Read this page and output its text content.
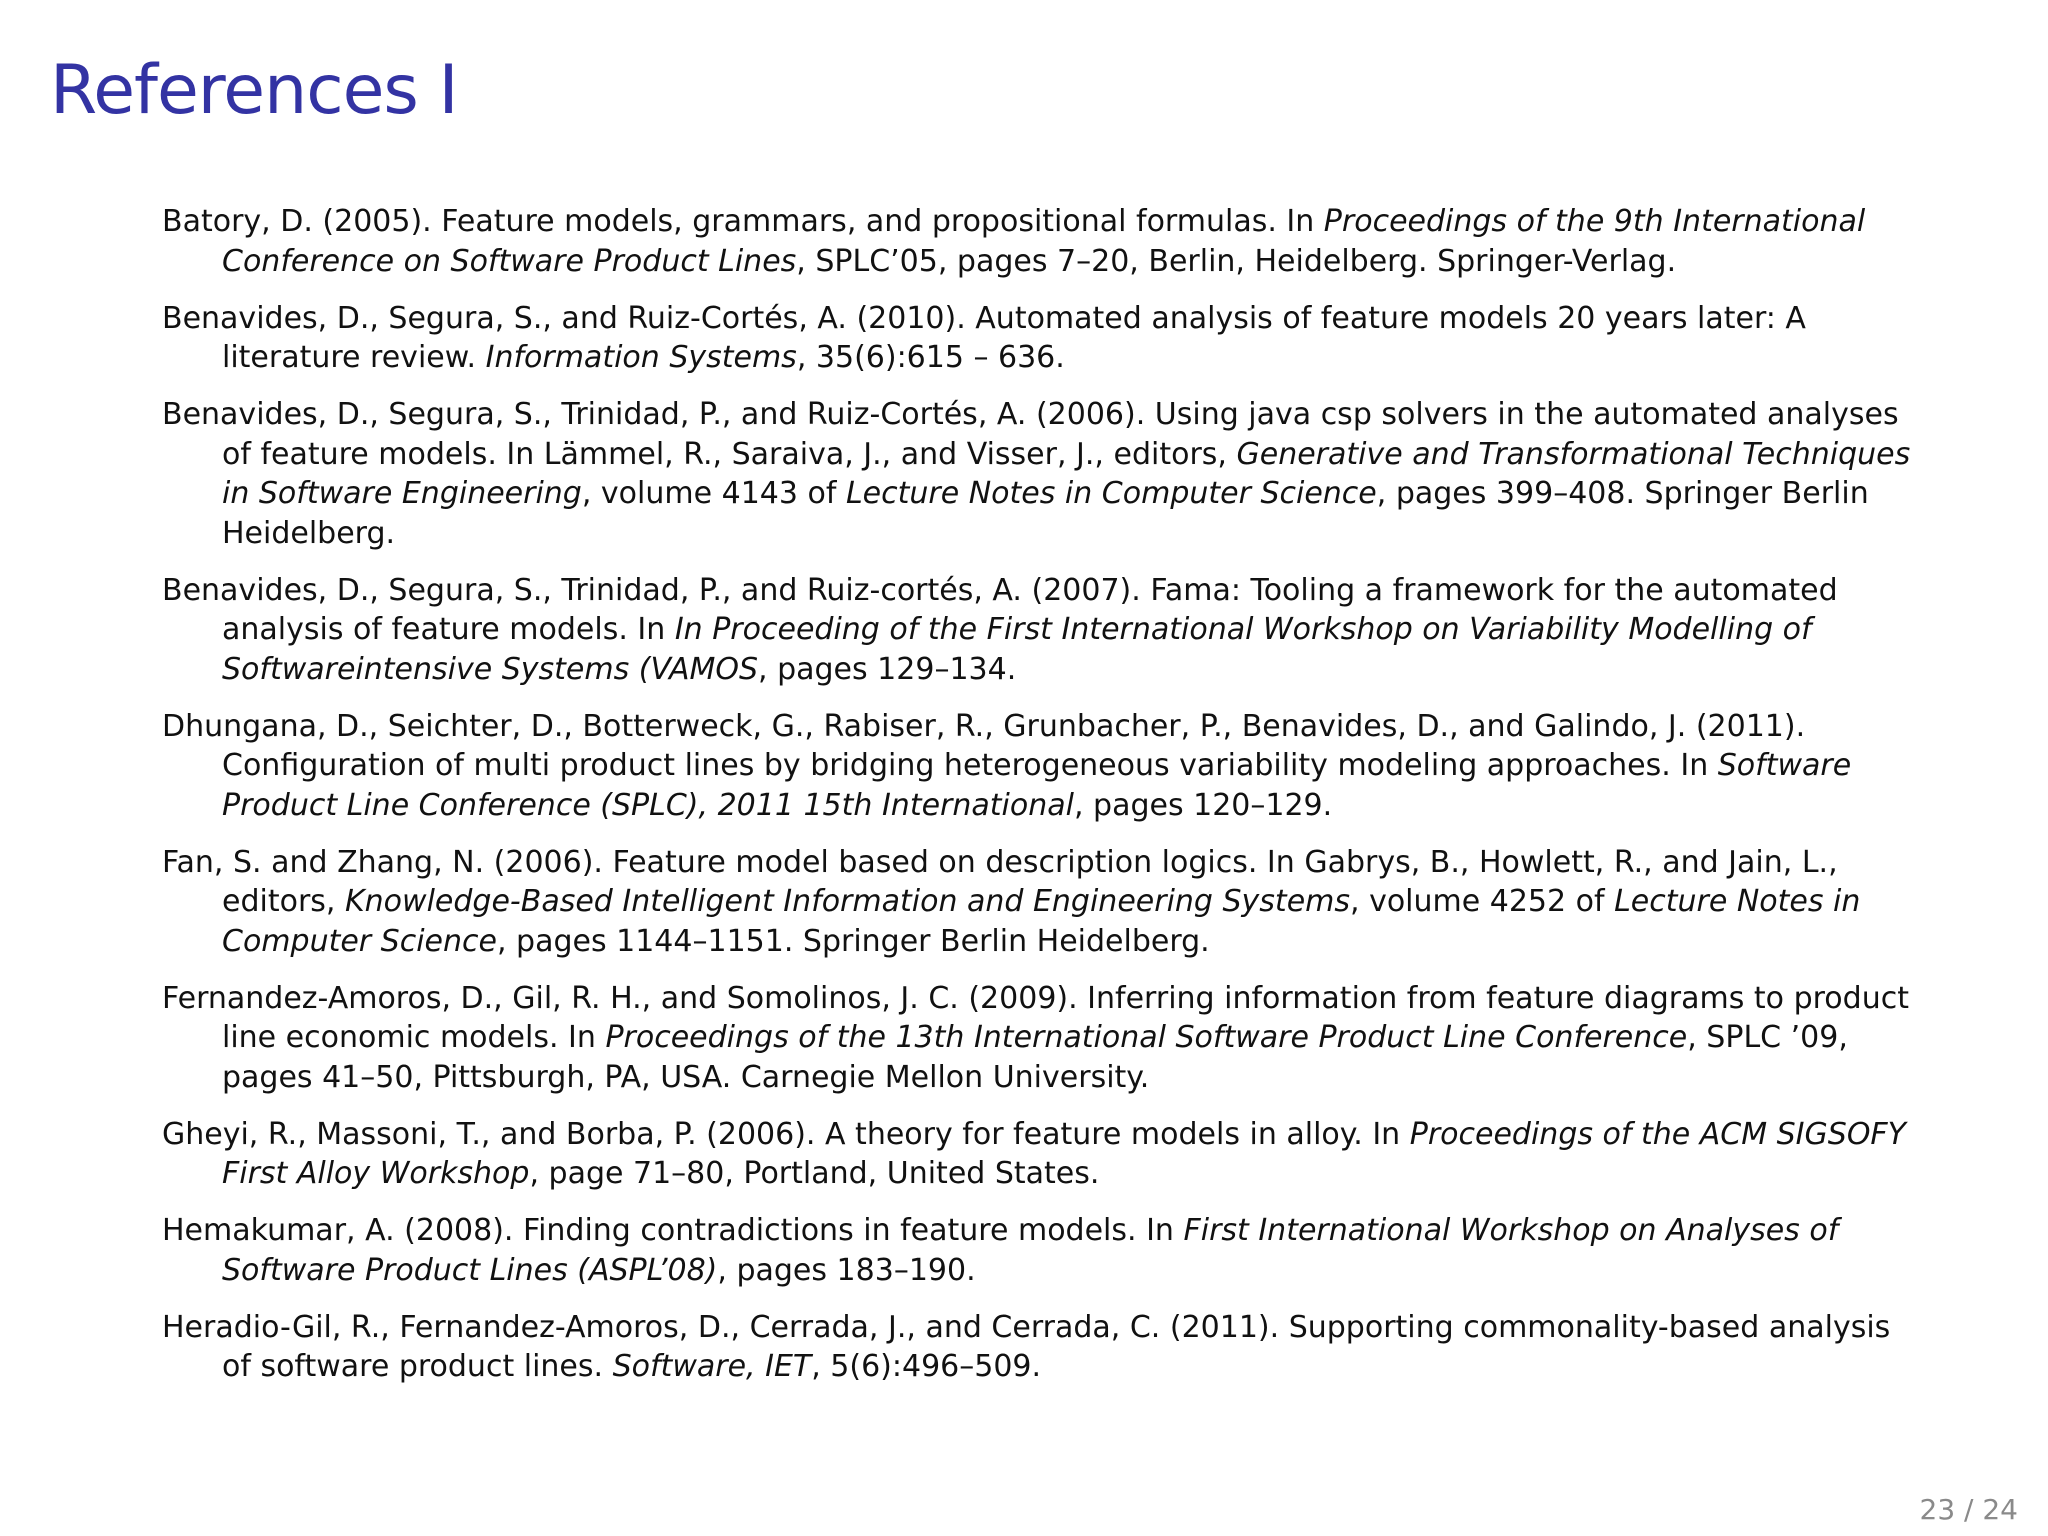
References I
Batory, D. (2005). Feature models, grammars, and propositional formulas. In Proceedings of the 9th International Conference on Software Product Lines, SPLC’05, pages 7–20, Berlin, Heidelberg. Springer-Verlag.
Benavides, D., Segura, S., and Ruiz-Cortés, A. (2010). Automated analysis of feature models 20 years later: A literature review. Information Systems, 35(6):615 – 636.
Benavides, D., Segura, S., Trinidad, P., and Ruiz-Cortés, A. (2006). Using java csp solvers in the automated analyses of feature models. In Lämmel, R., Saraiva, J., and Visser, J., editors, Generative and Transformational Techniques in Software Engineering, volume 4143 of Lecture Notes in Computer Science, pages 399–408. Springer Berlin Heidelberg.
Benavides, D., Segura, S., Trinidad, P., and Ruiz-cortés, A. (2007). Fama: Tooling a framework for the automated analysis of feature models. In In Proceeding of the First International Workshop on Variability Modelling of Softwareintensive Systems (VAMOS, pages 129–134.
Dhungana, D., Seichter, D., Botterweck, G., Rabiser, R., Grunbacher, P., Benavides, D., and Galindo, J. (2011). Configuration of multi product lines by bridging heterogeneous variability modeling approaches. In Software Product Line Conference (SPLC), 2011 15th International, pages 120–129.
Fan, S. and Zhang, N. (2006). Feature model based on description logics. In Gabrys, B., Howlett, R., and Jain, L., editors, Knowledge-Based Intelligent Information and Engineering Systems, volume 4252 of Lecture Notes in Computer Science, pages 1144–1151. Springer Berlin Heidelberg.
Fernandez-Amoros, D., Gil, R. H., and Somolinos, J. C. (2009). Inferring information from feature diagrams to product line economic models. In Proceedings of the 13th International Software Product Line Conference, SPLC ’09, pages 41–50, Pittsburgh, PA, USA. Carnegie Mellon University.
Gheyi, R., Massoni, T., and Borba, P. (2006). A theory for feature models in alloy. In Proceedings of the ACM SIGSOFY First Alloy Workshop, page 71–80, Portland, United States.
Hemakumar, A. (2008). Finding contradictions in feature models. In First International Workshop on Analyses of Software Product Lines (ASPL’08), pages 183–190.
Heradio-Gil, R., Fernandez-Amoros, D., Cerrada, J., and Cerrada, C. (2011). Supporting commonality-based analysis of software product lines. Software, IET, 5(6):496–509.
23 / 24
